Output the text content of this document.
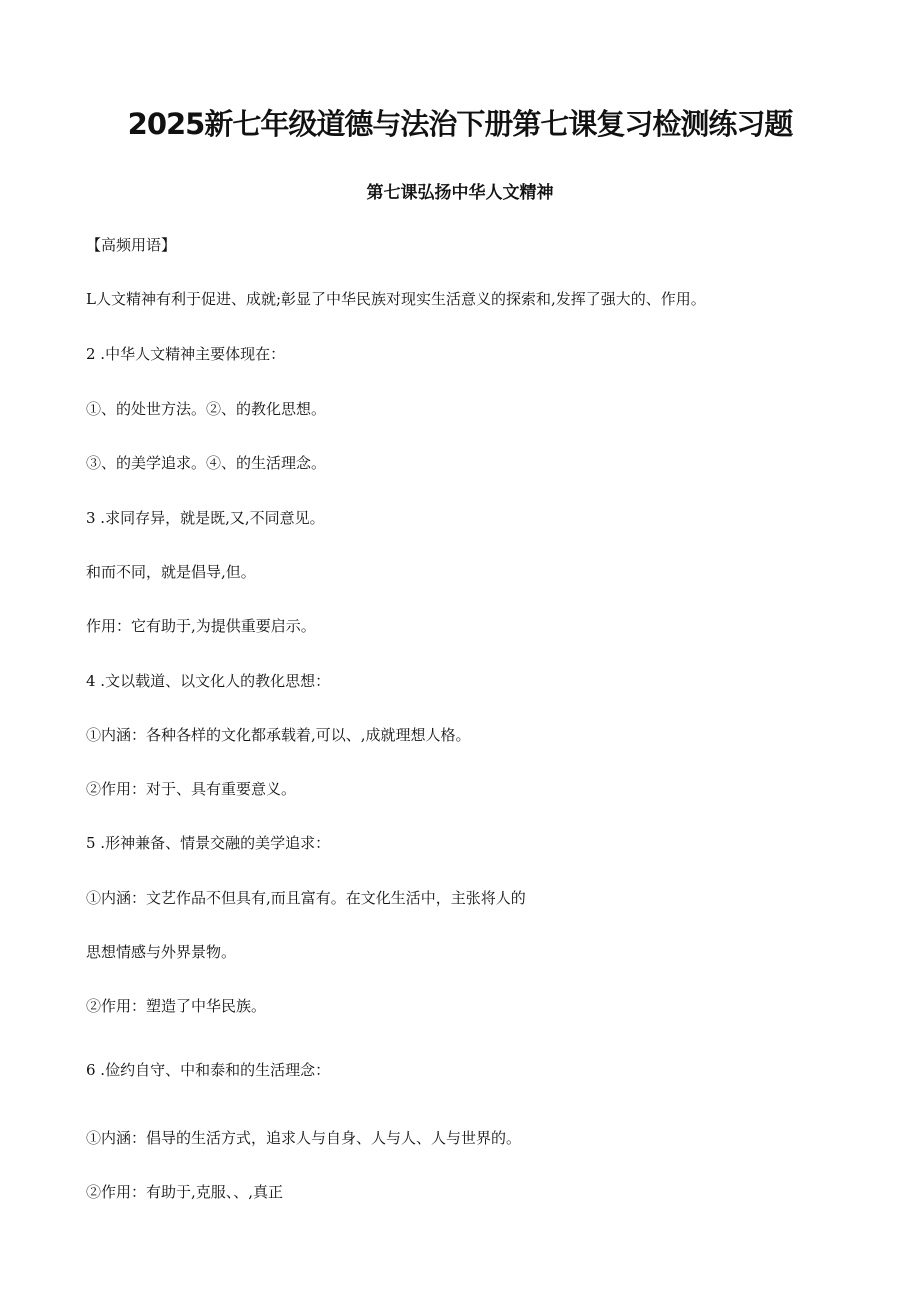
2025新七年级道德与法治下册第七课复习检测练习题
第七课弘扬中华人文精神

【高频用语】

L人文精神有利于促进、成就;彰显了中华民族对现实生活意义的探索和,发挥了强大的、作用。

2 .中华人文精神主要体现在：

①、的处世方法。②、的教化思想。

③、的美学追求。④、的生活理念。

3 .求同存异，就是既,又,不同意见。

和而不同，就是倡导,但。

作用：它有助于,为提供重要启示。

4 .文以载道、以文化人的教化思想：

①内涵：各种各样的文化都承载着,可以、,成就理想人格。

②作用：对于、具有重要意义。

5 .形神兼备、情景交融的美学追求：

①内涵：文艺作品不但具有,而且富有。在文化生活中，主张将人的

思想情感与外界景物。

②作用：塑造了中华民族。

6 .俭约自守、中和泰和的生活理念：

①内涵：倡导的生活方式，追求人与自身、人与人、人与世界的。

②作用：有助于,克服、、,真正
